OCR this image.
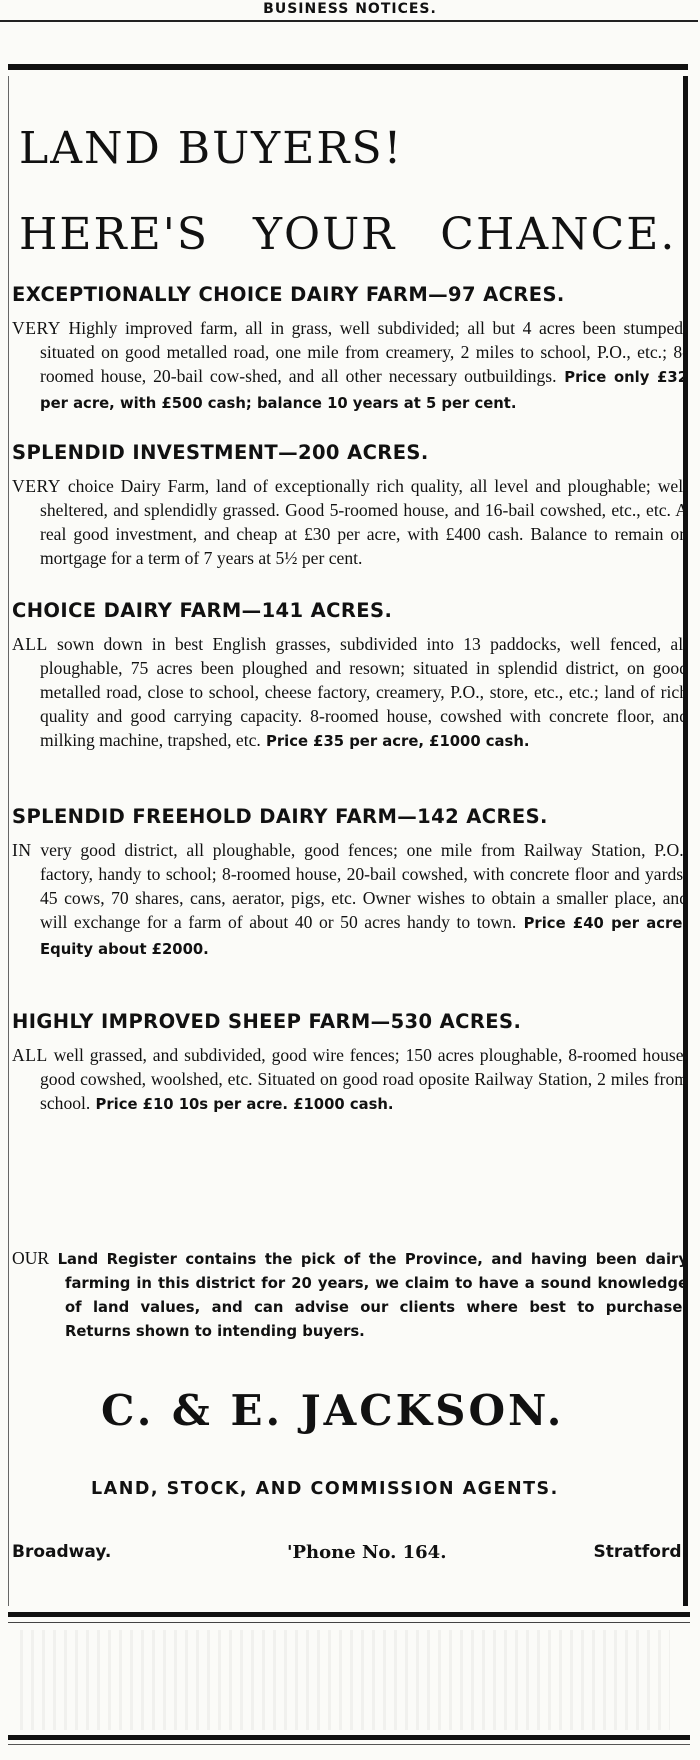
BUSINESS NOTICES.
LAND BUYERS!
HERE'S YOUR CHANCE.
EXCEPTIONALLY CHOICE DAIRY FARM—97 ACRES.

VERY Highly improved farm, all in grass, well subdivided; all but 4 acres been stumped; situated on good metalled road, one mile from creamery, 2 miles to school, P.O., etc.; 8-roomed house, 20-bail cow-shed, and all other necessary outbuildings. Price only £32 per acre, with £500 cash; balance 10 years at 5 per cent.

SPLENDID INVESTMENT—200 ACRES.

VERY choice Dairy Farm, land of exceptionally rich quality, all level and ploughable; well sheltered, and splendidly grassed. Good 5-roomed house, and 16-bail cowshed, etc., etc. A real good investment, and cheap at £30 per acre, with £400 cash. Balance to remain on mortgage for a term of 7 years at 5½ per cent.

CHOICE DAIRY FARM—141 ACRES.

ALL sown down in best English grasses, subdivided into 13 paddocks, well fenced, all ploughable, 75 acres been ploughed and resown; situated in splendid district, on good metalled road, close to school, cheese factory, creamery, P.O., store, etc., etc.; land of rich quality and good carrying capacity. 8-roomed house, cowshed with concrete floor, and milking machine, trapshed, etc. Price £35 per acre, £1000 cash.

SPLENDID FREEHOLD DAIRY FARM—142 ACRES.

IN very good district, all ploughable, good fences; one mile from Railway Station, P.O., factory, handy to school; 8-roomed house, 20-bail cowshed, with concrete floor and yards; 45 cows, 70 shares, cans, aerator, pigs, etc. Owner wishes to obtain a smaller place, and will exchange for a farm of about 40 or 50 acres handy to town. Price £40 per acre. Equity about £2000.

HIGHLY IMPROVED SHEEP FARM—530 ACRES.

ALL well grassed, and subdivided, good wire fences; 150 acres ploughable, 8-roomed house, good cowshed, woolshed, etc. Situated on good road oposite Railway Station, 2 miles from school. Price £10 10s per acre. £1000 cash.

OUR Land Register contains the pick of the Province, and having been dairy farming in this district for 20 years, we claim to have a sound knowledge of land values, and can advise our clients where best to purchase. Returns shown to intending buyers.

C. & E. JACKSON.
LAND, STOCK, AND COMMISSION AGENTS.
Broadway.	'Phone No. 164.	Stratford.
